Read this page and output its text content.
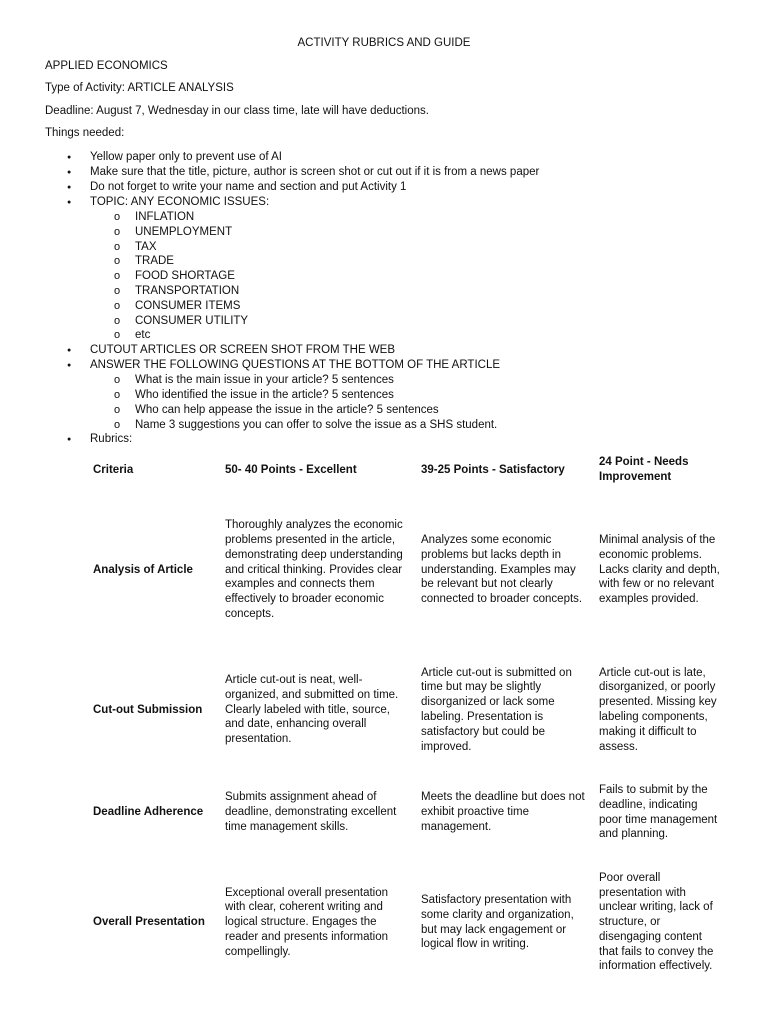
ACTIVITY RUBRICS AND GUIDE
APPLIED ECONOMICS
Type of Activity: ARTICLE ANALYSIS
Deadline: August 7, Wednesday in our class time, late will have deductions.
Things needed:
● Yellow paper only to prevent use of AI
● Make sure that the title, picture, author is screen shot or cut out if it is from a news paper
● Do not forget to write your name and section and put Activity 1
● TOPIC: ANY ECONOMIC ISSUES:
o INFLATION
o UNEMPLOYMENT
o TAX
o TRADE
o FOOD SHORTAGE
o TRANSPORTATION
o CONSUMER ITEMS
o CONSUMER UTILITY
o etc
● CUTOUT ARTICLES OR SCREEN SHOT FROM THE WEB
● ANSWER THE FOLLOWING QUESTIONS AT THE BOTTOM OF THE ARTICLE
o What is the main issue in your article? 5 sentences
o Who identified the issue in the article? 5 sentences
o Who can help appease the issue in the article? 5 sentences
o Name 3 suggestions you can offer to solve the issue as a SHS student.
● Rubrics:
Criteria	50- 40 Points - Excellent	39-25 Points - Satisfactory	24 Point - Needs Improvement
Analysis of Article	Thoroughly analyzes the economic problems presented in the article, demonstrating deep understanding and critical thinking. Provides clear examples and connects them effectively to broader economic concepts.	Analyzes some economic problems but lacks depth in understanding. Examples may be relevant but not clearly connected to broader concepts.	Minimal analysis of the economic problems. Lacks clarity and depth, with few or no relevant examples provided.
Cut-out Submission	Article cut-out is neat, well-organized, and submitted on time. Clearly labeled with title, source, and date, enhancing overall presentation.	Article cut-out is submitted on time but may be slightly disorganized or lack some labeling. Presentation is satisfactory but could be improved.	Article cut-out is late, disorganized, or poorly presented. Missing key labeling components, making it difficult to assess.
Deadline Adherence	Submits assignment ahead of deadline, demonstrating excellent time management skills.	Meets the deadline but does not exhibit proactive time management.	Fails to submit by the deadline, indicating poor time management and planning.
Overall Presentation	Exceptional overall presentation with clear, coherent writing and logical structure. Engages the reader and presents information compellingly.	Satisfactory presentation with some clarity and organization, but may lack engagement or logical flow in writing.	Poor overall presentation with unclear writing, lack of structure, or disengaging content that fails to convey the information effectively.
